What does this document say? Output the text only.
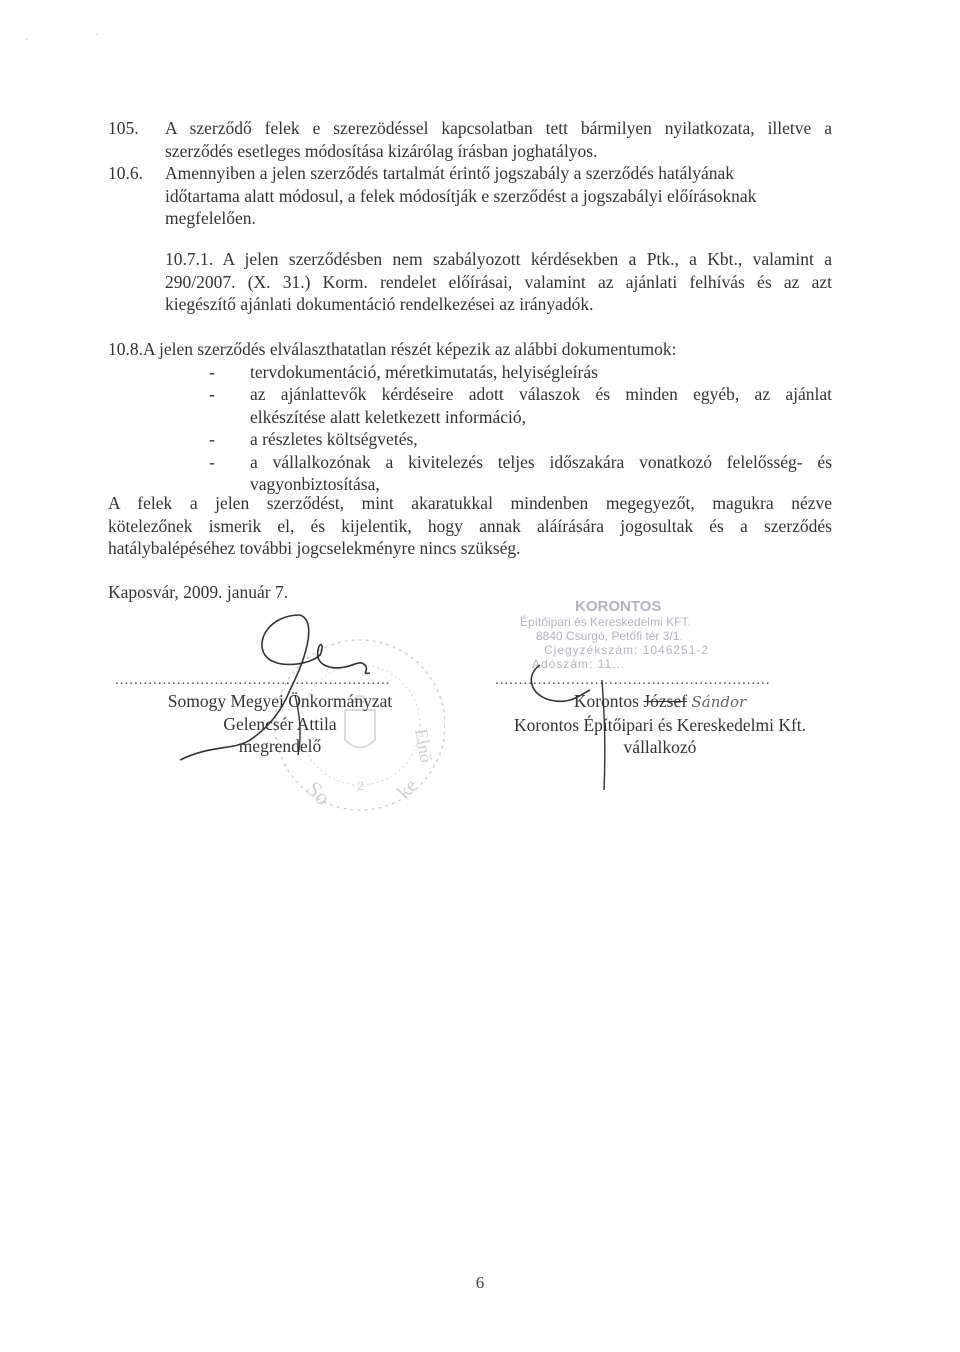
·	·
105. A szerződő felek e szerezödéssel kapcsolatban tett bármilyen nyilatkozata, illetve a
szerződés esetleges módosítása kizárólag írásban joghatályos.
10.6. Amennyiben a jelen szerződés tartalmát érintő jogszabály a szerződés hatályának
időtartama alatt módosul, a felek módosítják e szerződést a jogszabályi előírásoknak
megfelelően.
10.7.1. A jelen szerződésben nem szabályozott kérdésekben a Ptk., a Kbt., valamint a
290/2007. (X. 31.) Korm. rendelet előírásai, valamint az ajánlati felhívás és az azt
kiegészítő ajánlati dokumentáció rendelkezései az irányadók.
10.8.A jelen szerződés elválaszthatatlan részét képezik az alábbi dokumentumok:
- tervdokumentáció, méretkimutatás, helyiségleírás
- az ajánlattevők kérdéseire adott válaszok és minden egyéb, az ajánlat
elkészítése alatt keletkezett információ,
- a részletes költségvetés,
- a vállalkozónak a kivitelezés teljes időszakára vonatkozó felelősség- és
vagyonbiztosítása,
A felek a jelen szerződést, mint akaratukkal mindenben megegyezőt, magukra nézve
kötelezőnek ismerik el, és kijelentik, hogy annak aláírására jogosultak és a szerződés
hatálybalépéséhez további jogcselekményre nincs szükség.
Kaposvár, 2009. január 7.
KORONTOS
Építőipari és Kereskedelmi KFT.
8840 Csurgó, Petőfi tér 3/1.
Cjegyzékszám: 1046251-2
Adószám: 11...
So	ke
Elnö
2
..........................................................	..........................................................
Somogy Megyei Önkormányzat
Gelencsér Attila
megrendelő
Korontos József Sándor
Korontos Építőipari és Kereskedelmi Kft.
vállalkozó
6
